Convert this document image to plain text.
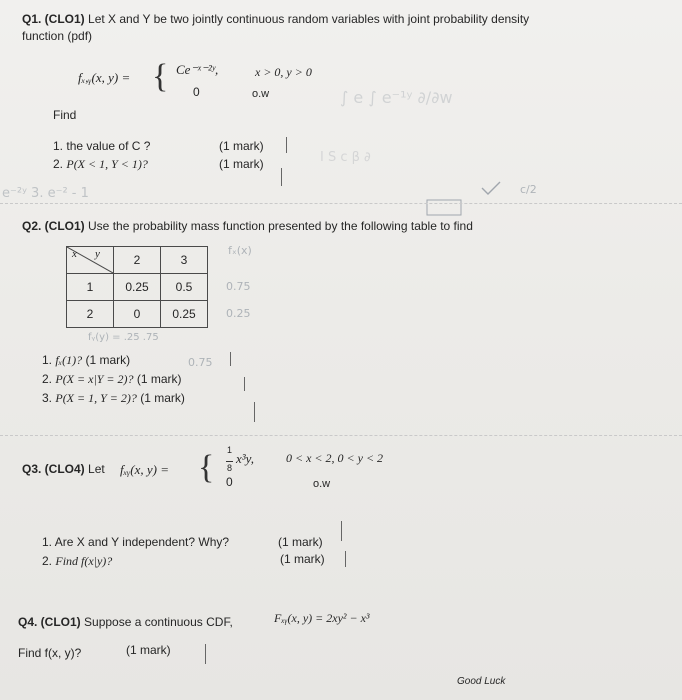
Q1. (CLO1) Let X and Y be two jointly continuous random variables with joint probability density
function (pdf)
fₓ,ᵧ(x, y) = { Ce⁻ˣ⁻²ʸ,	x > 0, y > 0
0	o.w
Find
1. the value of C ?	(1 mark)
2. P(X < 1, Y < 1)?	(1 mark)
∫ e ∫ e⁻¹ʸ ∂/∂w
I S c β ∂
e⁻²ʸ 3. e⁻² - 1	c/2
Q2. (CLO1) Use the probability mass function presented by the following table to find
x y	2	3
1	0.25	0.5
2	0	0.25
fₓ(x)
0.75
0.25
fᵧ(y) = .25 .75
1. fₓ(1)? (1 mark)	0.75
2. P(X = x|Y = 2)? (1 mark)
3. P(X = 1, Y = 2)? (1 mark)
Q3. (CLO4) Let fₓᵧ(x, y) = { 1

8
x³y,	0 < x < 2, 0 < y < 2
0	o.w
1. Are X and Y independent? Why?	(1 mark)
2. Find f(x|y)?	(1 mark)
Q4. (CLO1) Suppose a continuous CDF,	Fₓᵧ(x, y) = 2xy² − x³
Find f(x, y)?	(1 mark)
Good Luck
